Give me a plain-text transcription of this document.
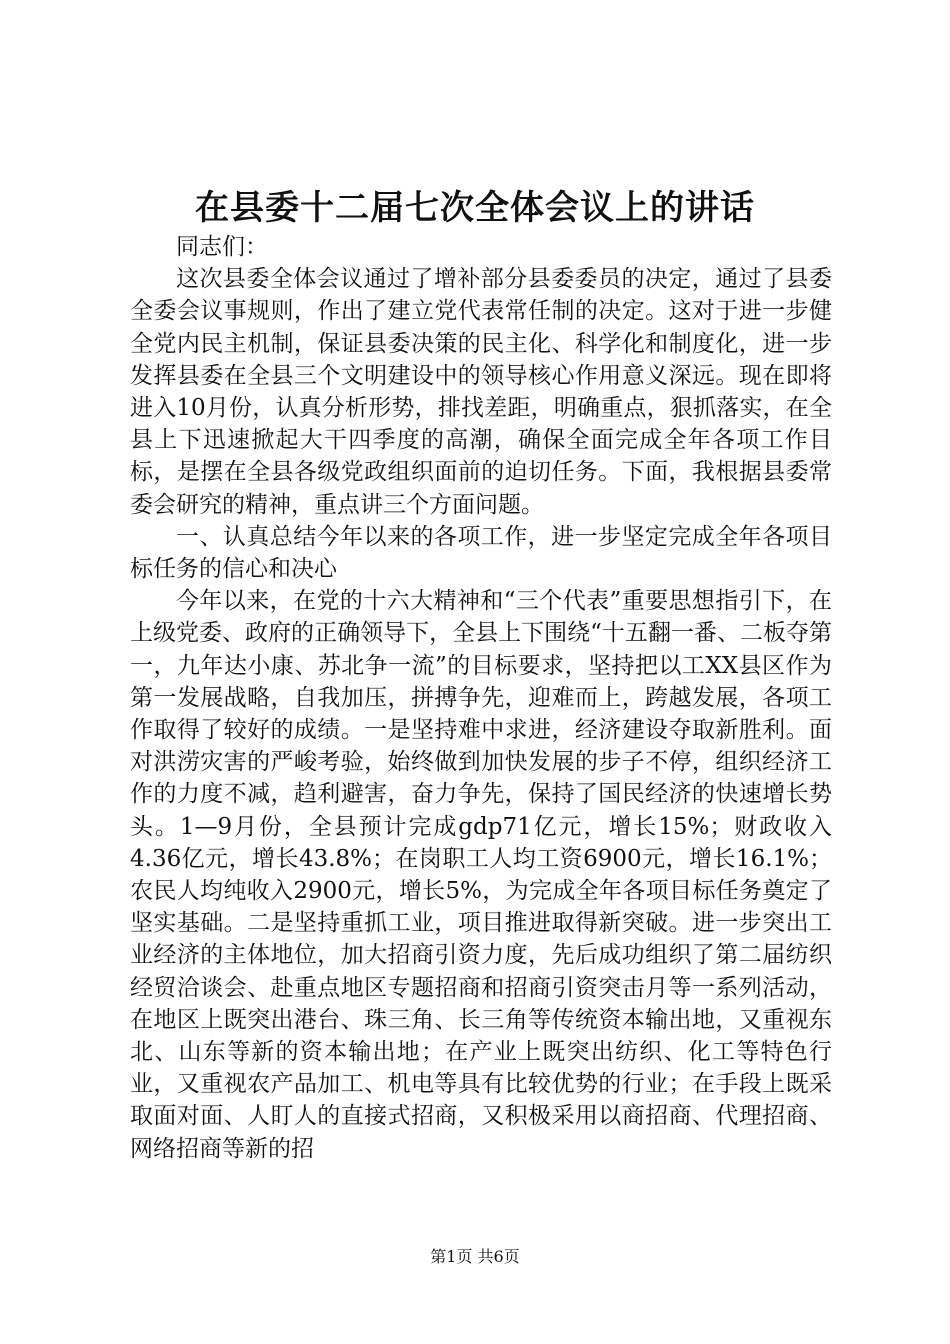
在县委十二届七次全体会议上的讲话

同志们：

这次县委全体会议通过了增补部分县委委员的决定，通过了县委全委会议事规则，作出了建立党代表常任制的决定。这对于进一步健全党内民主机制，保证县委决策的民主化、科学化和制度化，进一步发挥县委在全县三个文明建设中的领导核心作用意义深远。现在即将进入10月份，认真分析形势，排找差距，明确重点，狠抓落实，在全县上下迅速掀起大干四季度的高潮，确保全面完成全年各项工作目标，是摆在全县各级党政组织面前的迫切任务。下面，我根据县委常委会研究的精神，重点讲三个方面问题。

一、认真总结今年以来的各项工作，进一步坚定完成全年各项目标任务的信心和决心

今年以来，在党的十六大精神和“三个代表”重要思想指引下，在上级党委、政府的正确领导下，全县上下围绕“十五翻一番、二板夺第一，九年达小康、苏北争一流”的目标要求，坚持把以工XX县区作为第一发展战略，自我加压，拼搏争先，迎难而上，跨越发展，各项工作取得了较好的成绩。一是坚持难中求进，经济建设夺取新胜利。面对洪涝灾害的严峻考验，始终做到加快发展的步子不停，组织经济工作的力度不减，趋利避害，奋力争先，保持了国民经济的快速增长势头。1—9月份，全县预计完成gdp71亿元，增长15%；财政收入4.36亿元，增长43.8%；在岗职工人均工资6900元，增长16.1%；农民人均纯收入2900元，增长5%，为完成全年各项目标任务奠定了坚实基础。二是坚持重抓工业，项目推进取得新突破。进一步突出工业经济的主体地位，加大招商引资力度，先后成功组织了第二届纺织经贸洽谈会、赴重点地区专题招商和招商引资突击月等一系列活动，在地区上既突出港台、珠三角、长三角等传统资本输出地，又重视东北、山东等新的资本输出地；在产业上既突出纺织、化工等特色行业，又重视农产品加工、机电等具有比较优势的行业；在手段上既采取面对面、人盯人的直接式招商，又积极采用以商招商、代理招商、网络招商等新的招

第1页 共6页
